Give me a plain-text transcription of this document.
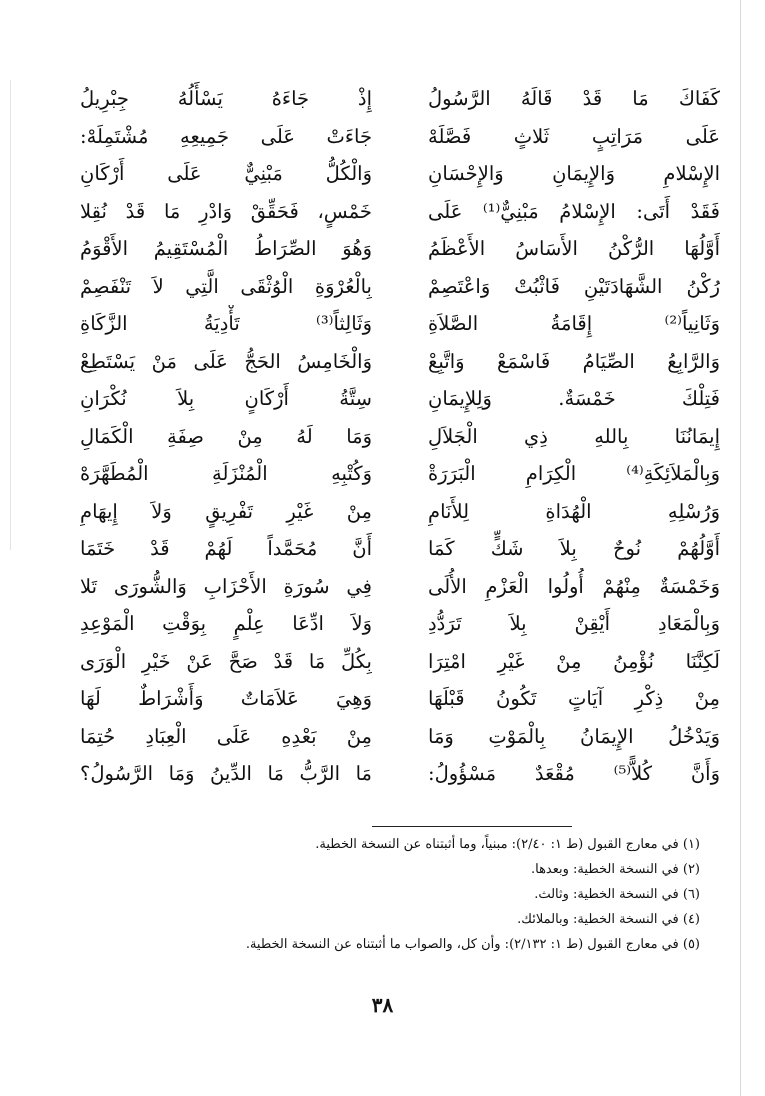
كَفَاكَ مَا قَدْ قَالَهُ الرَّسُولُ
إِذْ جَاءَهُ يَسْأَلُهُ جِبْرِيلُ
عَلَى مَرَاتِبٍ ثَلاثٍ فَصَّلَهْ
جَاءَتْ عَلَى جَمِيعِهِ مُشْتَمِلَهْ:
الإِسْلامِ وَالإِيمَانِ وَالإِحْسَانِ
وَالْكُلُّ مَبْنِيٌّ عَلَى أَرْكَانِ
فَقَدْ أَتَى: الإِسْلامُ مَبْنِيٌّ⁽¹⁾ عَلَى
خَمْسٍ، فَحَقِّقْ وَادْرِ مَا قَدْ نُقِلا
أَوَّلُهَا الرُّكْنُ الأَسَاسُ الأَعْظَمُ
وَهُوَ الصِّرَاطُ الْمُسْتَقِيمُ الأَقْوَمُ
رُكْنُ الشَّهَادَتَيْنِ فَاثْبُتْ وَاعْتَصِمْ
بِالْعُرْوَةِ الْوُثْقَى الَّتِي لاَ تَنْفَصِمْ
وَثَانِياً⁽²⁾ إِقَامَةُ الصَّلاَةِ
وَثَالِثاً⁽³⁾ تَأْدِيَةُ الزَّكَاةِ
وَالرَّابِعُ الصِّيَامُ فَاسْمَعْ وَاتَّبِعْ
وَالْخَامِسُ الحَجُّ عَلَى مَنْ يَسْتَطِعْ
فَتِلْكَ خَمْسَةٌ. وَلِلإِيمَانِ
سِتَّةُ أَرْكَانٍ بِلاَ نُكْرَانِ
إِيمَانُنَا بِاللهِ ذِي الْجَلاَلِ
وَمَا لَهُ مِنْ صِفَةِ الْكَمَالِ
وَبِالْمَلاَئِكَةِ⁽⁴⁾ الْكِرَامِ الْبَرَرَةْ
وَكُتْبِهِ الْمُنْزَلَةِ الْمُطَهَّرَهْ
وَرُسْلِهِ الْهُدَاةِ لِلأَنَامِ
مِنْ غَيْرِ تَفْرِيقٍ وَلاَ إِيهَامِ
أَوَّلُهُمْ نُوحٌ بِلاَ شَكٍّ كَمَا
أَنَّ مُحَمَّداً لَهُمْ قَدْ خَتَمَا
وَخَمْسَةٌ مِنْهُمْ أُولُوا الْعَزْمِ الأُلَى
فِي سُورَةِ الأَحْزَابِ وَالشُّورَى تَلا
وَبِالْمَعَادِ أَيْقِنْ بِلاَ تَرَدُّدِ
وَلاَ ادِّعَا عِلْمٍ بِوَقْتِ الْمَوْعِدِ
لَكِنَّنَا نُؤْمِنُ مِنْ غَيْرِ امْتِرَا
بِكُلِّ مَا قَدْ صَحَّ عَنْ خَيْرِ الْوَرَى
مِنْ ذِكْرِ آيَاتٍ تَكُونُ قَبْلَهَا
وَهِيَ عَلاَمَاتٌ وَأَشْرَاطٌ لَهَا
وَيَدْخُلُ الإِيمَانُ بِالْمَوْتِ وَمَا
مِنْ بَعْدِهِ عَلَى الْعِبَادِ حُتِمَا
وَأَنَّ كُلاًّ⁽⁵⁾ مُقْعَدٌ مَسْؤُولُ:
مَا الرَّبُّ مَا الدِّينُ وَمَا الرَّسُولُ؟
(١) في معارج القبول (ط ١: ٢/٤٠): مبنياً، وما أثبتناه عن النسخة الخطية.
(٢) في النسخة الخطية: وبعدها.
(٦) في النسخة الخطية: وثالث.
(٤) في النسخة الخطية: وبالملائك.
(٥) في معارج القبول (ط ١: ٢/١٣٢): وأن كل، والصواب ما أثبتناه عن النسخة الخطية.
٣٨
